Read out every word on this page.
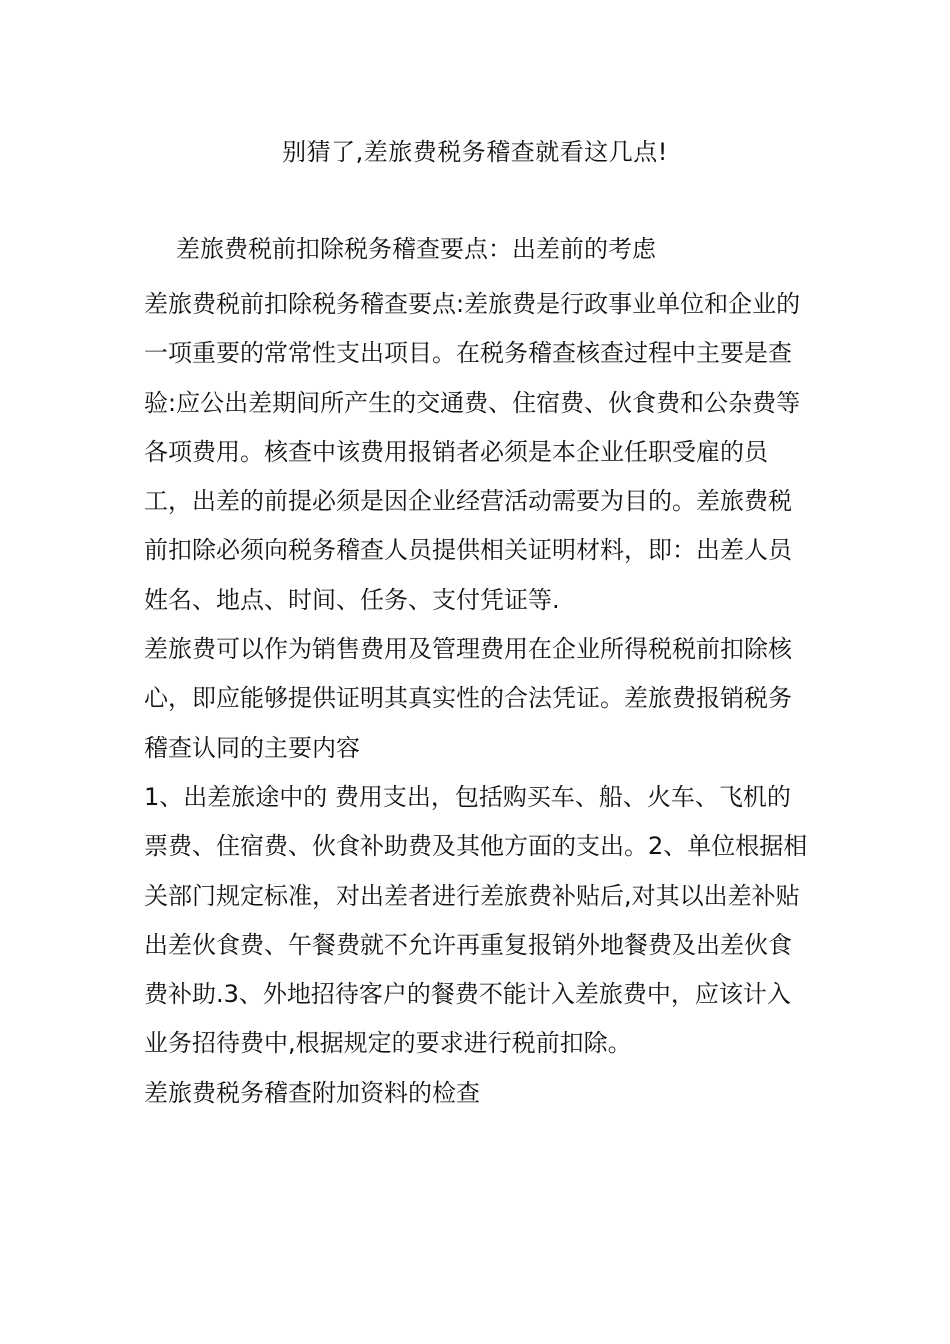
别猜了,差旅费税务稽查就看这几点!
差旅费税前扣除税务稽查要点：出差前的考虑

差旅费税前扣除税务稽查要点:差旅费是行政事业单位和企业的一项重要的常常性支出项目。在税务稽查核查过程中主要是查验:应公出差期间所产生的交通费、住宿费、伙食费和公杂费等各项费用。核查中该费用报销者必须是本企业任职受雇的员工，出差的前提必须是因企业经营活动需要为目的。差旅费税前扣除必须向税务稽查人员提供相关证明材料，即：出差人员姓名、地点、时间、任务、支付凭证等.

差旅费可以作为销售费用及管理费用在企业所得税税前扣除核心，即应能够提供证明其真实性的合法凭证。差旅费报销税务稽查认同的主要内容

1、出差旅途中的 费用支出，包括购买车、船、火车、飞机的票费、住宿费、伙食补助费及其他方面的支出。2、单位根据相关部门规定标准，对出差者进行差旅费补贴后,对其以出差补贴出差伙食费、午餐费就不允许再重复报销外地餐费及出差伙食费补助.3、外地招待客户的餐费不能计入差旅费中，应该计入业务招待费中,根据规定的要求进行税前扣除。

差旅费税务稽查附加资料的检查
